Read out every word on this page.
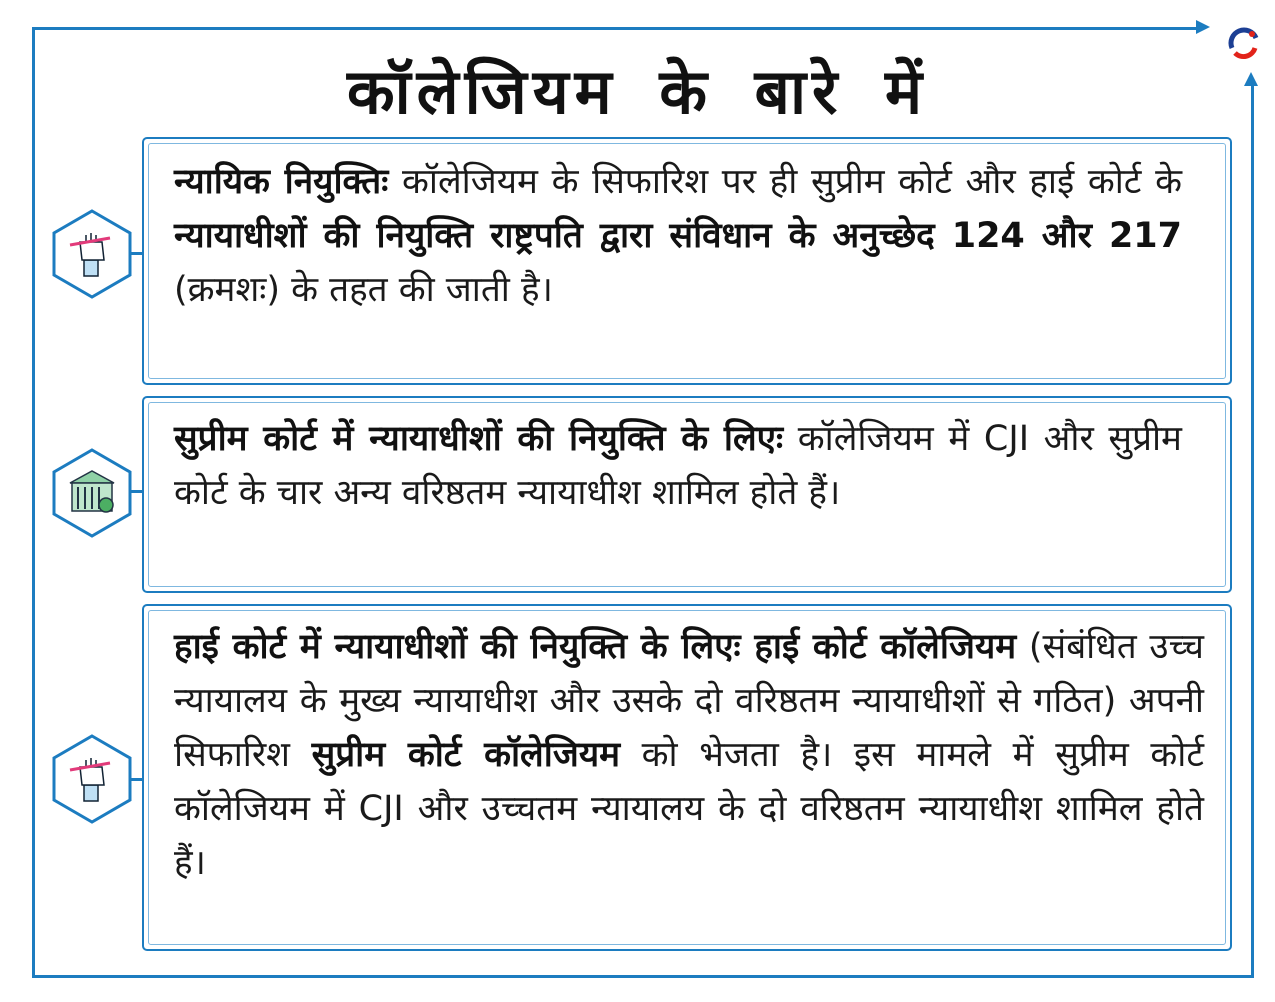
कॉलेजियम के बारे में
न्यायिक नियुक्तिः कॉलेजियम के सिफारिश पर ही सुप्रीम कोर्ट और हाई कोर्ट के न्यायाधीशों की नियुक्ति राष्ट्रपति द्वारा संविधान के अनुच्छेद 124 और 217 (क्रमशः) के तहत की जाती है।
सुप्रीम कोर्ट में न्यायाधीशों की नियुक्ति के लिएः कॉलेजियम में CJI और सुप्रीम कोर्ट के चार अन्य वरिष्ठतम न्यायाधीश शामिल होते हैं।
हाई कोर्ट में न्यायाधीशों की नियुक्ति के लिएः हाई कोर्ट कॉलेजियम (संबंधित उच्च न्यायालय के मुख्य न्यायाधीश और उसके दो वरिष्ठतम न्यायाधीशों से गठित) अपनी सिफारिश सुप्रीम कोर्ट कॉलेजियम को भेजता है। इस मामले में सुप्रीम कोर्ट कॉलेजियम में CJI और उच्चतम न्यायालय के दो वरिष्ठतम न्यायाधीश शामिल होते हैं।
